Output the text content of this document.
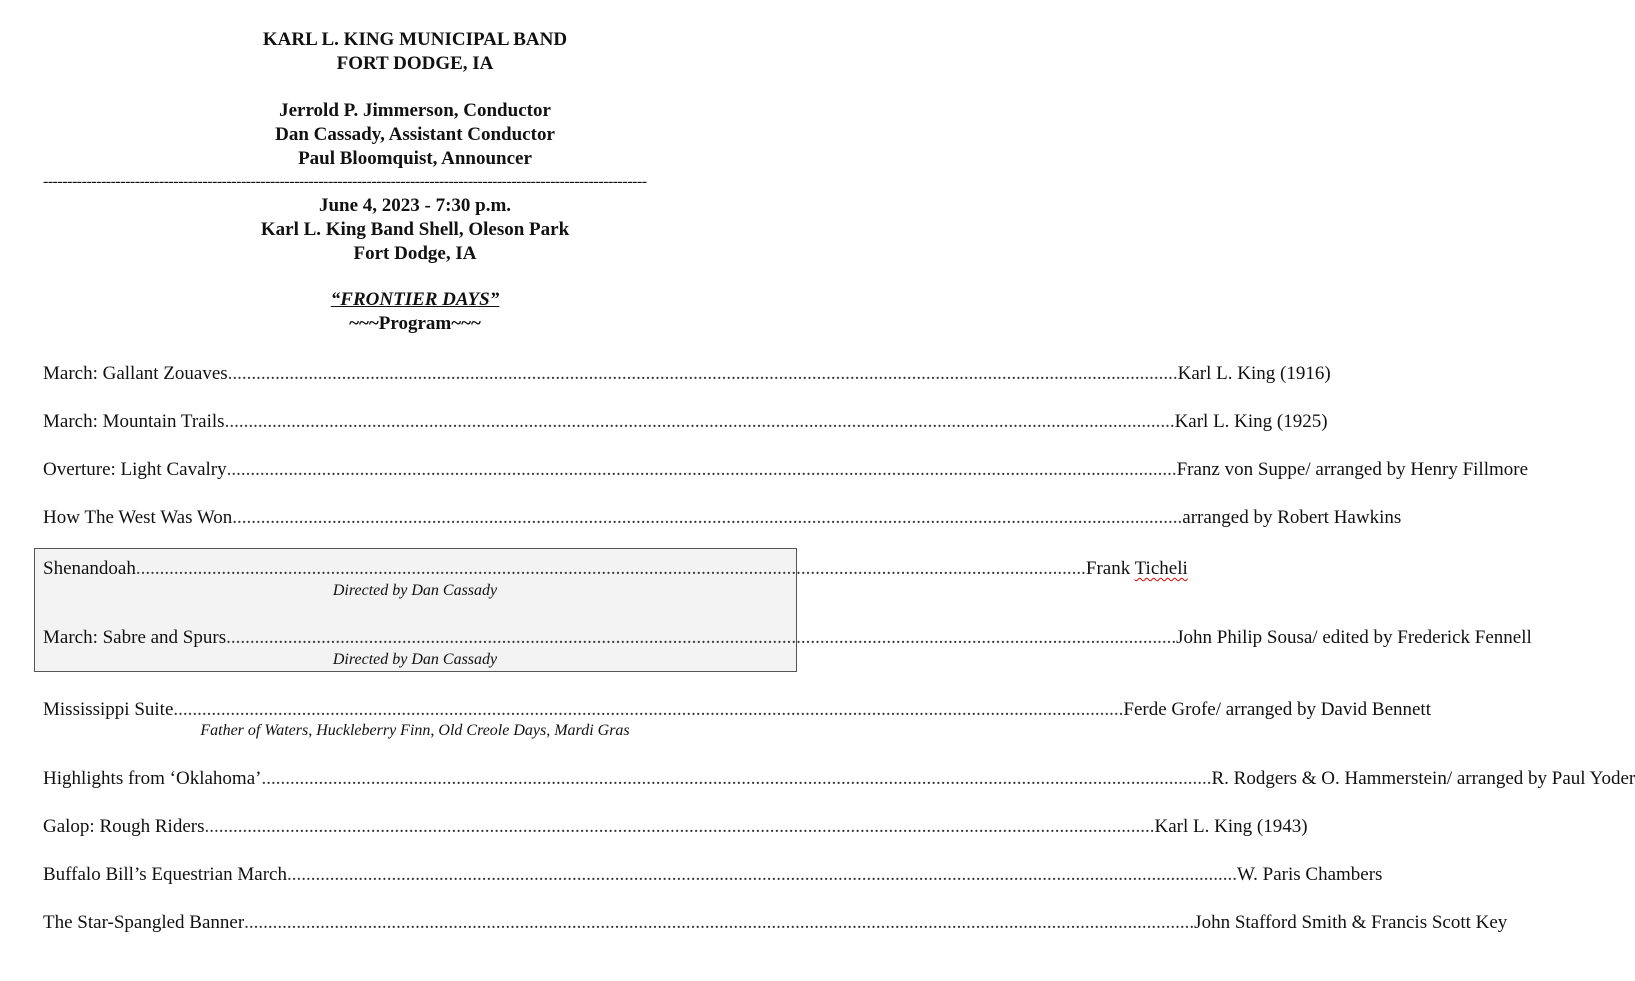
KARL L. KING MUNICIPAL BAND
FORT DODGE, IA
Jerrold P. Jimmerson, Conductor
Dan Cassady, Assistant Conductor
Paul Bloomquist, Announcer
-----------------------------------------------------------------------------------------------------------------------------
June 4, 2023 - 7:30 p.m.
Karl L. King Band Shell, Oleson Park
Fort Dodge, IA
“FRONTIER DAYS”
~~~Program~~~
March: Gallant Zouaves ........................................................................................................................................................................................................ Karl L. King (1916)
March: Mountain Trails ........................................................................................................................................................................................................ Karl L. King (1925)
Overture: Light Cavalry ........................................................................................................................................................................................................ Franz von Suppe/ arranged by Henry Fillmore
How The West Was Won ........................................................................................................................................................................................................ arranged by Robert Hawkins
Shenandoah ........................................................................................................................................................................................................ Frank Ticheli
Directed by Dan Cassady
March: Sabre and Spurs ........................................................................................................................................................................................................ John Philip Sousa/ edited by Frederick Fennell
Directed by Dan Cassady
Mississippi Suite ........................................................................................................................................................................................................ Ferde Grofe/ arranged by David Bennett
Father of Waters, Huckleberry Finn, Old Creole Days, Mardi Gras
Highlights from ‘Oklahoma’ ........................................................................................................................................................................................................ R. Rodgers & O. Hammerstein/ arranged by Paul Yoder
Galop: Rough Riders ........................................................................................................................................................................................................ Karl L. King (1943)
Buffalo Bill’s Equestrian March ........................................................................................................................................................................................................ W. Paris Chambers
The Star-Spangled Banner ........................................................................................................................................................................................................ John Stafford Smith & Francis Scott Key
